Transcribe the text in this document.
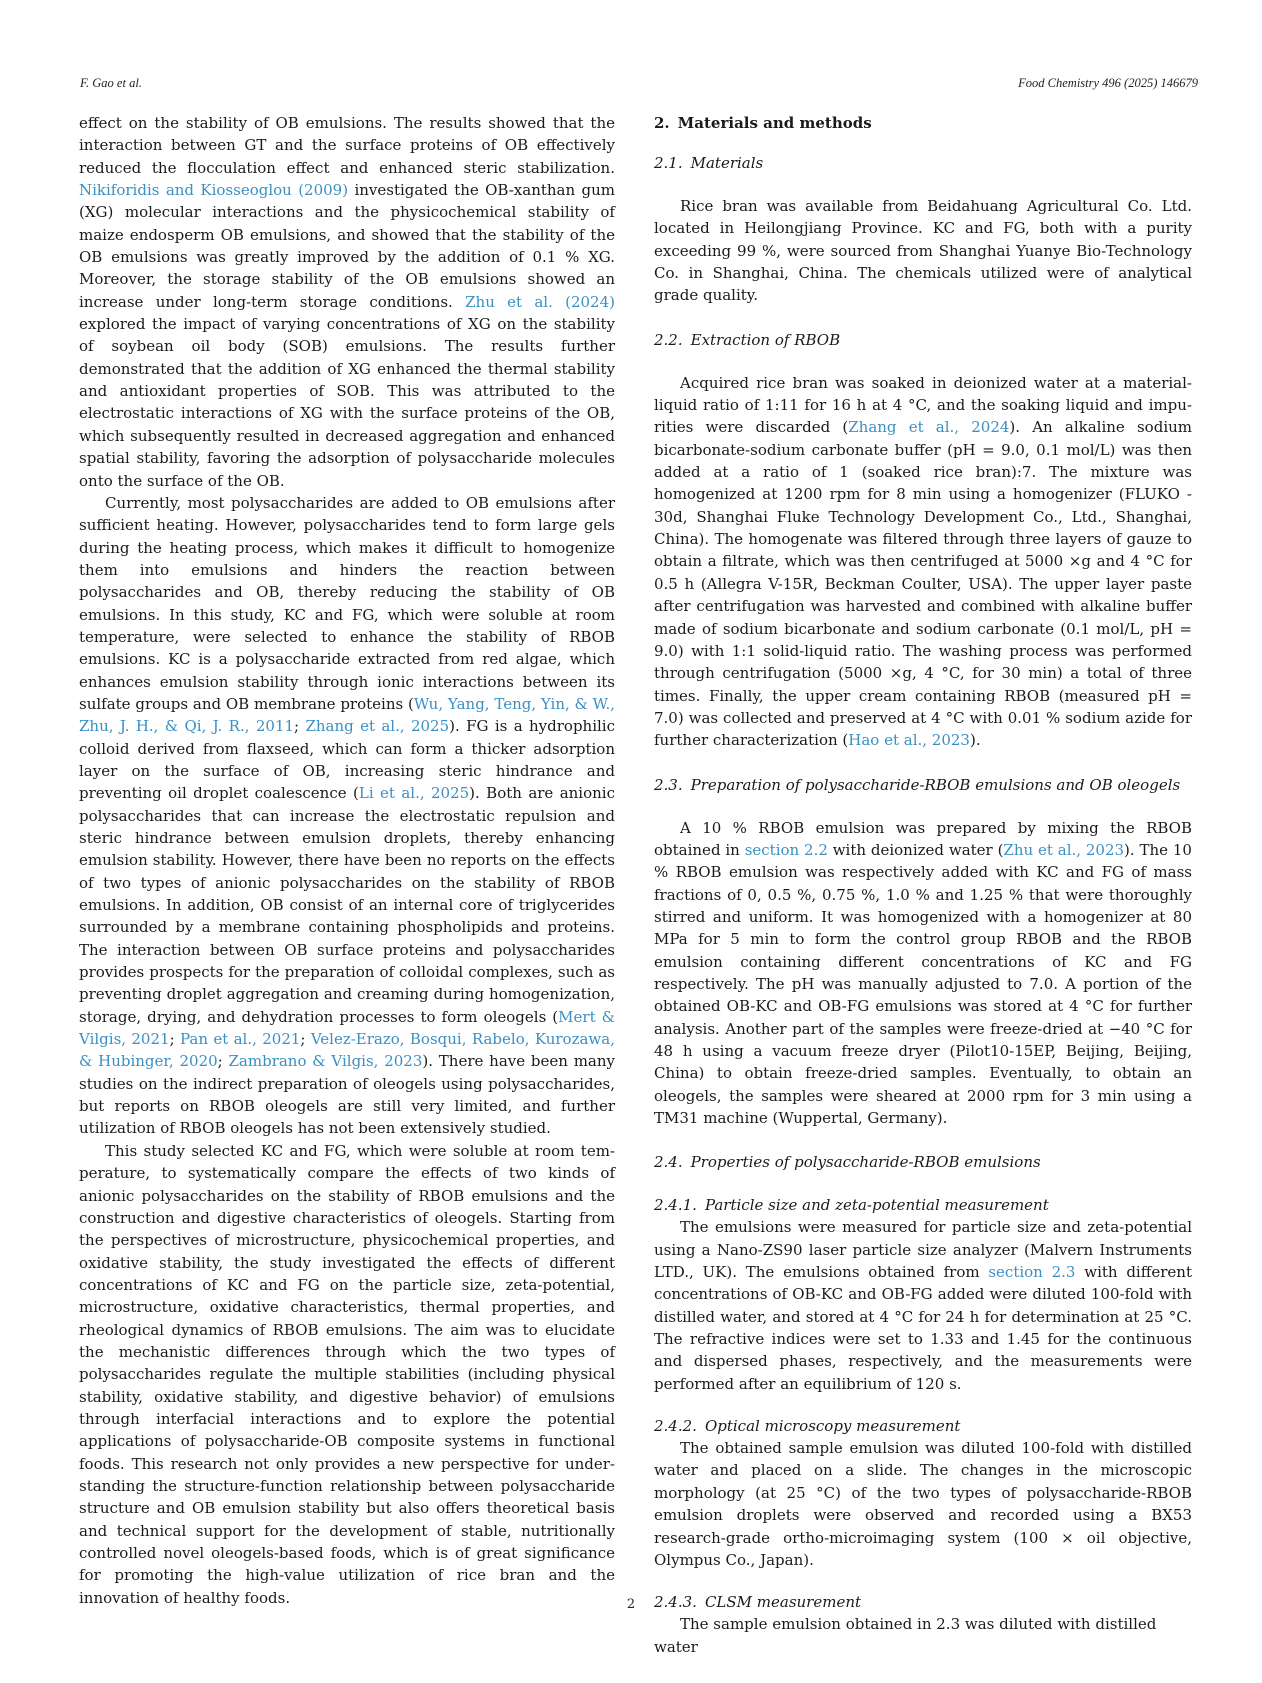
F. Gao et al.	Food Chemistry 496 (2025) 146679

effect on the stability of OB emulsions. The results showed that the interaction between GT and the surface proteins of OB effectively reduced the flocculation effect and enhanced steric stabilization. Nikiforidis and Kiosseoglou (2009) investigated the OB-xanthan gum (XG) molecular interactions and the physicochemical stability of maize endosperm OB emulsions, and showed that the stability of the OB emulsions was greatly improved by the addition of 0.1 % XG. Moreover, the storage stability of the OB emulsions showed an increase under long-term storage conditions. Zhu et al. (2024) explored the impact of varying concentrations of XG on the stability of soybean oil body (SOB) emulsions. The results further demonstrated that the addition of XG enhanced the thermal stability and antioxidant properties of SOB. This was attributed to the electrostatic interactions of XG with the surface proteins of the OB, which subsequently resulted in decreased aggregation and enhanced spatial stability, favoring the adsorption of polysaccharide molecules onto the surface of the OB.

Currently, most polysaccharides are added to OB emulsions after sufficient heating. However, polysaccharides tend to form large gels during the heating process, which makes it difficult to homogenize them into emulsions and hinders the reaction between polysaccharides and OB, thereby reducing the stability of OB emulsions. In this study, KC and FG, which were soluble at room temperature, were selected to enhance the stability of RBOB emulsions. KC is a polysaccharide extracted from red algae, which enhances emulsion stability through ionic interactions between its sulfate groups and OB membrane proteins (Wu, Yang, Teng, Yin, & W., Zhu, J. H., & Qi, J. R., 2011; Zhang et al., 2025). FG is a hydrophilic colloid derived from flaxseed, which can form a thicker adsorption layer on the surface of OB, increasing steric hindrance and preventing oil droplet coalescence (Li et al., 2025). Both are anionic polysaccharides that can increase the electrostatic repulsion and steric hindrance between emulsion droplets, thereby enhancing emulsion stability. However, there have been no reports on the effects of two types of anionic polysaccharides on the stability of RBOB emulsions. In addition, OB consist of an internal core of triglycerides surrounded by a membrane containing phospholipids and proteins. The interaction between OB surface proteins and polysaccharides provides prospects for the preparation of colloidal complexes, such as preventing droplet aggregation and creaming during homogenization, storage, drying, and dehydration processes to form oleogels (Mert & Vilgis, 2021; Pan et al., 2021; Velez-Erazo, Bosqui, Rabelo, Kurozawa, & Hubinger, 2020; Zambrano & Vilgis, 2023). There have been many studies on the indirect preparation of oleogels using polysaccharides, but reports on RBOB oleogels are still very limited, and further utilization of RBOB oleogels has not been extensively studied.

This study selected KC and FG, which were soluble at room temperature, to systematically compare the effects of two kinds of anionic polysaccharides on the stability of RBOB emulsions and the construction and digestive characteristics of oleogels. Starting from the perspectives of microstructure, physicochemical properties, and oxidative stability, the study investigated the effects of different concentrations of KC and FG on the particle size, zeta-potential, microstructure, oxidative characteristics, thermal properties, and rheological dynamics of RBOB emulsions. The aim was to elucidate the mechanistic differences through which the two types of polysaccharides regulate the multiple stabilities (including physical stability, oxidative stability, and digestive behavior) of emulsions through interfacial interactions and to explore the potential applications of polysaccharide-OB composite systems in functional foods. This research not only provides a new perspective for understanding the structure-function relationship between polysaccharide structure and OB emulsion stability but also offers theoretical basis and technical support for the development of stable, nutritionally controlled novel oleogels-based foods, which is of great significance for promoting the high-value utilization of rice bran and the innovation of healthy foods.

2. Materials and methods
2.1. Materials

Rice bran was available from Beidahuang Agricultural Co. Ltd. located in Heilongjiang Province. KC and FG, both with a purity exceeding 99 %, were sourced from Shanghai Yuanye Bio-Technology Co. in Shanghai, China. The chemicals utilized were of analytical grade quality.

2.2. Extraction of RBOB

Acquired rice bran was soaked in deionized water at a material-liquid ratio of 1:11 for 16 h at 4 °C, and the soaking liquid and impurities were discarded (Zhang et al., 2024). An alkaline sodium bicarbonate-sodium carbonate buffer (pH = 9.0, 0.1 mol/L) was then added at a ratio of 1 (soaked rice bran):7. The mixture was homogenized at 1200 rpm for 8 min using a homogenizer (FLUKO - 30d, Shanghai Fluke Technology Development Co., Ltd., Shanghai, China). The homogenate was filtered through three layers of gauze to obtain a filtrate, which was then centrifuged at 5000 ×g and 4 °C for 0.5 h (Allegra V-15R, Beckman Coulter, USA). The upper layer paste after centrifugation was harvested and combined with alkaline buffer made of sodium bicarbonate and sodium carbonate (0.1 mol/L, pH = 9.0) with 1:1 solid-liquid ratio. The washing process was performed through centrifugation (5000 ×g, 4 °C, for 30 min) a total of three times. Finally, the upper cream containing RBOB (measured pH = 7.0) was collected and preserved at 4 °C with 0.01 % sodium azide for further characterization (Hao et al., 2023).

2.3. Preparation of polysaccharide-RBOB emulsions and OB oleogels

A 10 % RBOB emulsion was prepared by mixing the RBOB obtained in section 2.2 with deionized water (Zhu et al., 2023). The 10 % RBOB emulsion was respectively added with KC and FG of mass fractions of 0, 0.5 %, 0.75 %, 1.0 % and 1.25 % that were thoroughly stirred and uniform. It was homogenized with a homogenizer at 80 MPa for 5 min to form the control group RBOB and the RBOB emulsion containing different concentrations of KC and FG respectively. The pH was manually adjusted to 7.0. A portion of the obtained OB-KC and OB-FG emulsions was stored at 4 °C for further analysis. Another part of the samples were freeze-dried at −40 °C for 48 h using a vacuum freeze dryer (Pilot10-15EP, Beijing, Beijing, China) to obtain freeze-dried samples. Eventually, to obtain an oleogels, the samples were sheared at 2000 rpm for 3 min using a TM31 machine (Wuppertal, Germany).

2.4. Properties of polysaccharide-RBOB emulsions
2.4.1. Particle size and zeta-potential measurement

The emulsions were measured for particle size and zeta-potential using a Nano-ZS90 laser particle size analyzer (Malvern Instruments LTD., UK). The emulsions obtained from section 2.3 with different concentrations of OB-KC and OB-FG added were diluted 100-fold with distilled water, and stored at 4 °C for 24 h for determination at 25 °C. The refractive indices were set to 1.33 and 1.45 for the continuous and dispersed phases, respectively, and the measurements were performed after an equilibrium of 120 s.

2.4.2. Optical microscopy measurement

The obtained sample emulsion was diluted 100-fold with distilled water and placed on a slide. The changes in the microscopic morphology (at 25 °C) of the two types of polysaccharide-RBOB emulsion droplets were observed and recorded using a BX53 research-grade ortho-microimaging system (100 × oil objective, Olympus Co., Japan).

2.4.3. CLSM measurement

The sample emulsion obtained in 2.3 was diluted with distilled water

2
